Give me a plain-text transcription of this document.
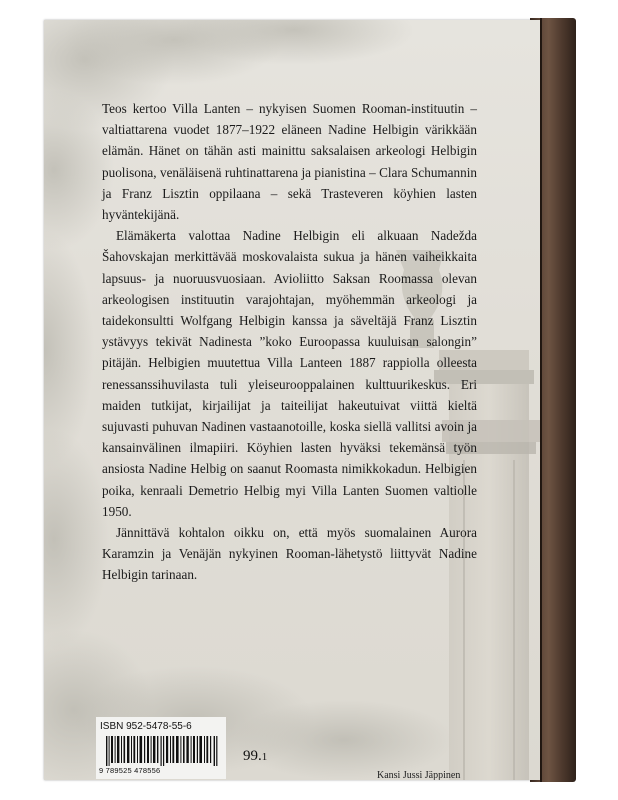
Teos kertoo Villa Lanten – nykyisen Suomen Rooman-instituutin – valtiattarena vuodet 1877–1922 eläneen Nadine Helbigin värikkään elämän. Hänet on tähän asti mainittu saksalaisen arkeologi Helbigin puolisona, venäläisenä ruhtinattarena ja pianistina – Clara Schumannin ja Franz Lisztin oppilaana – sekä Trasteveren köyhien lasten hyväntekijänä.

Elämäkerta valottaa Nadine Helbigin eli alkuaan Nadežda Šahovskajan merkittävää moskovalaista sukua ja hänen vaiheikkaita lapsuus- ja nuoruusvuosiaan. Avioliitto Saksan Roomassa olevan arkeologisen instituutin varajohtajan, myöhemmän arkeologi ja taidekonsultti Wolfgang Helbigin kanssa ja säveltäjä Franz Lisztin ystävyys tekivät Nadinesta ”koko Euroopassa kuuluisan salongin” pitäjän. Helbigien muutettua Villa Lanteen 1887 rappiolla olleesta renessanssihuvilasta tuli yleiseurooppalainen kulttuurikeskus. Eri maiden tutkijat, kirjailijat ja taiteilijat hakeutuivat viittä kieltä sujuvasti puhuvan Nadinen vastaanotoille, koska siellä vallitsi avoin ja kansainvälinen ilmapiiri. Köyhien lasten hyväksi tekemänsä työn ansiosta Nadine Helbig on saanut Roomasta nimikkokadun. Helbigien poika, kenraali Demetrio Helbig myi Villa Lanten Suomen valtiolle 1950.

Jännittävä kohtalon oikku on, että myös suomalainen Aurora Karamzin ja Venäjän nykyinen Rooman-lähetystö liittyvät Nadine Helbigin tarinaan.

ISBN 952-5478-55-6
9 789525 478556
99.1
Kansi Jussi Jäppinen
